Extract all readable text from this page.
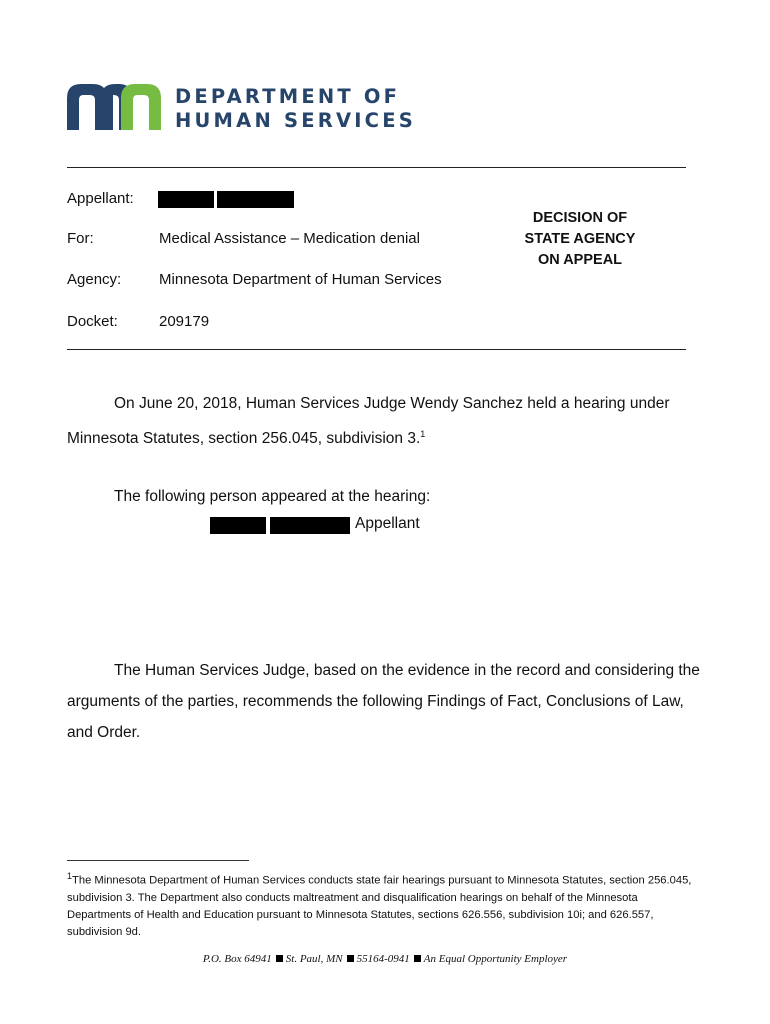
DEPARTMENT OF
HUMAN SERVICES
Appellant:
For:	Medical Assistance – Medication denial
Agency:	Minnesota Department of Human Services
Docket:	209179
DECISION OF
STATE AGENCY
ON APPEAL
On June 20, 2018, Human Services Judge Wendy Sanchez held a hearing under Minnesota Statutes, section 256.045, subdivision 3.$^1$
The following person appeared at the hearing:
Appellant
The Human Services Judge, based on the evidence in the record and considering the arguments of the parties, recommends the following Findings of Fact, Conclusions of Law, and Order.
$^1$The Minnesota Department of Human Services conducts state fair hearings pursuant to Minnesota Statutes, section 256.045, subdivision 3. The Department also conducts maltreatment and disqualification hearings on behalf of the Minnesota Departments of Health and Education pursuant to Minnesota Statutes, sections 626.556, subdivision 10i; and 626.557, subdivision 9d.
P.O. Box 64941 St. Paul, MN 55164-0941 An Equal Opportunity Employer
